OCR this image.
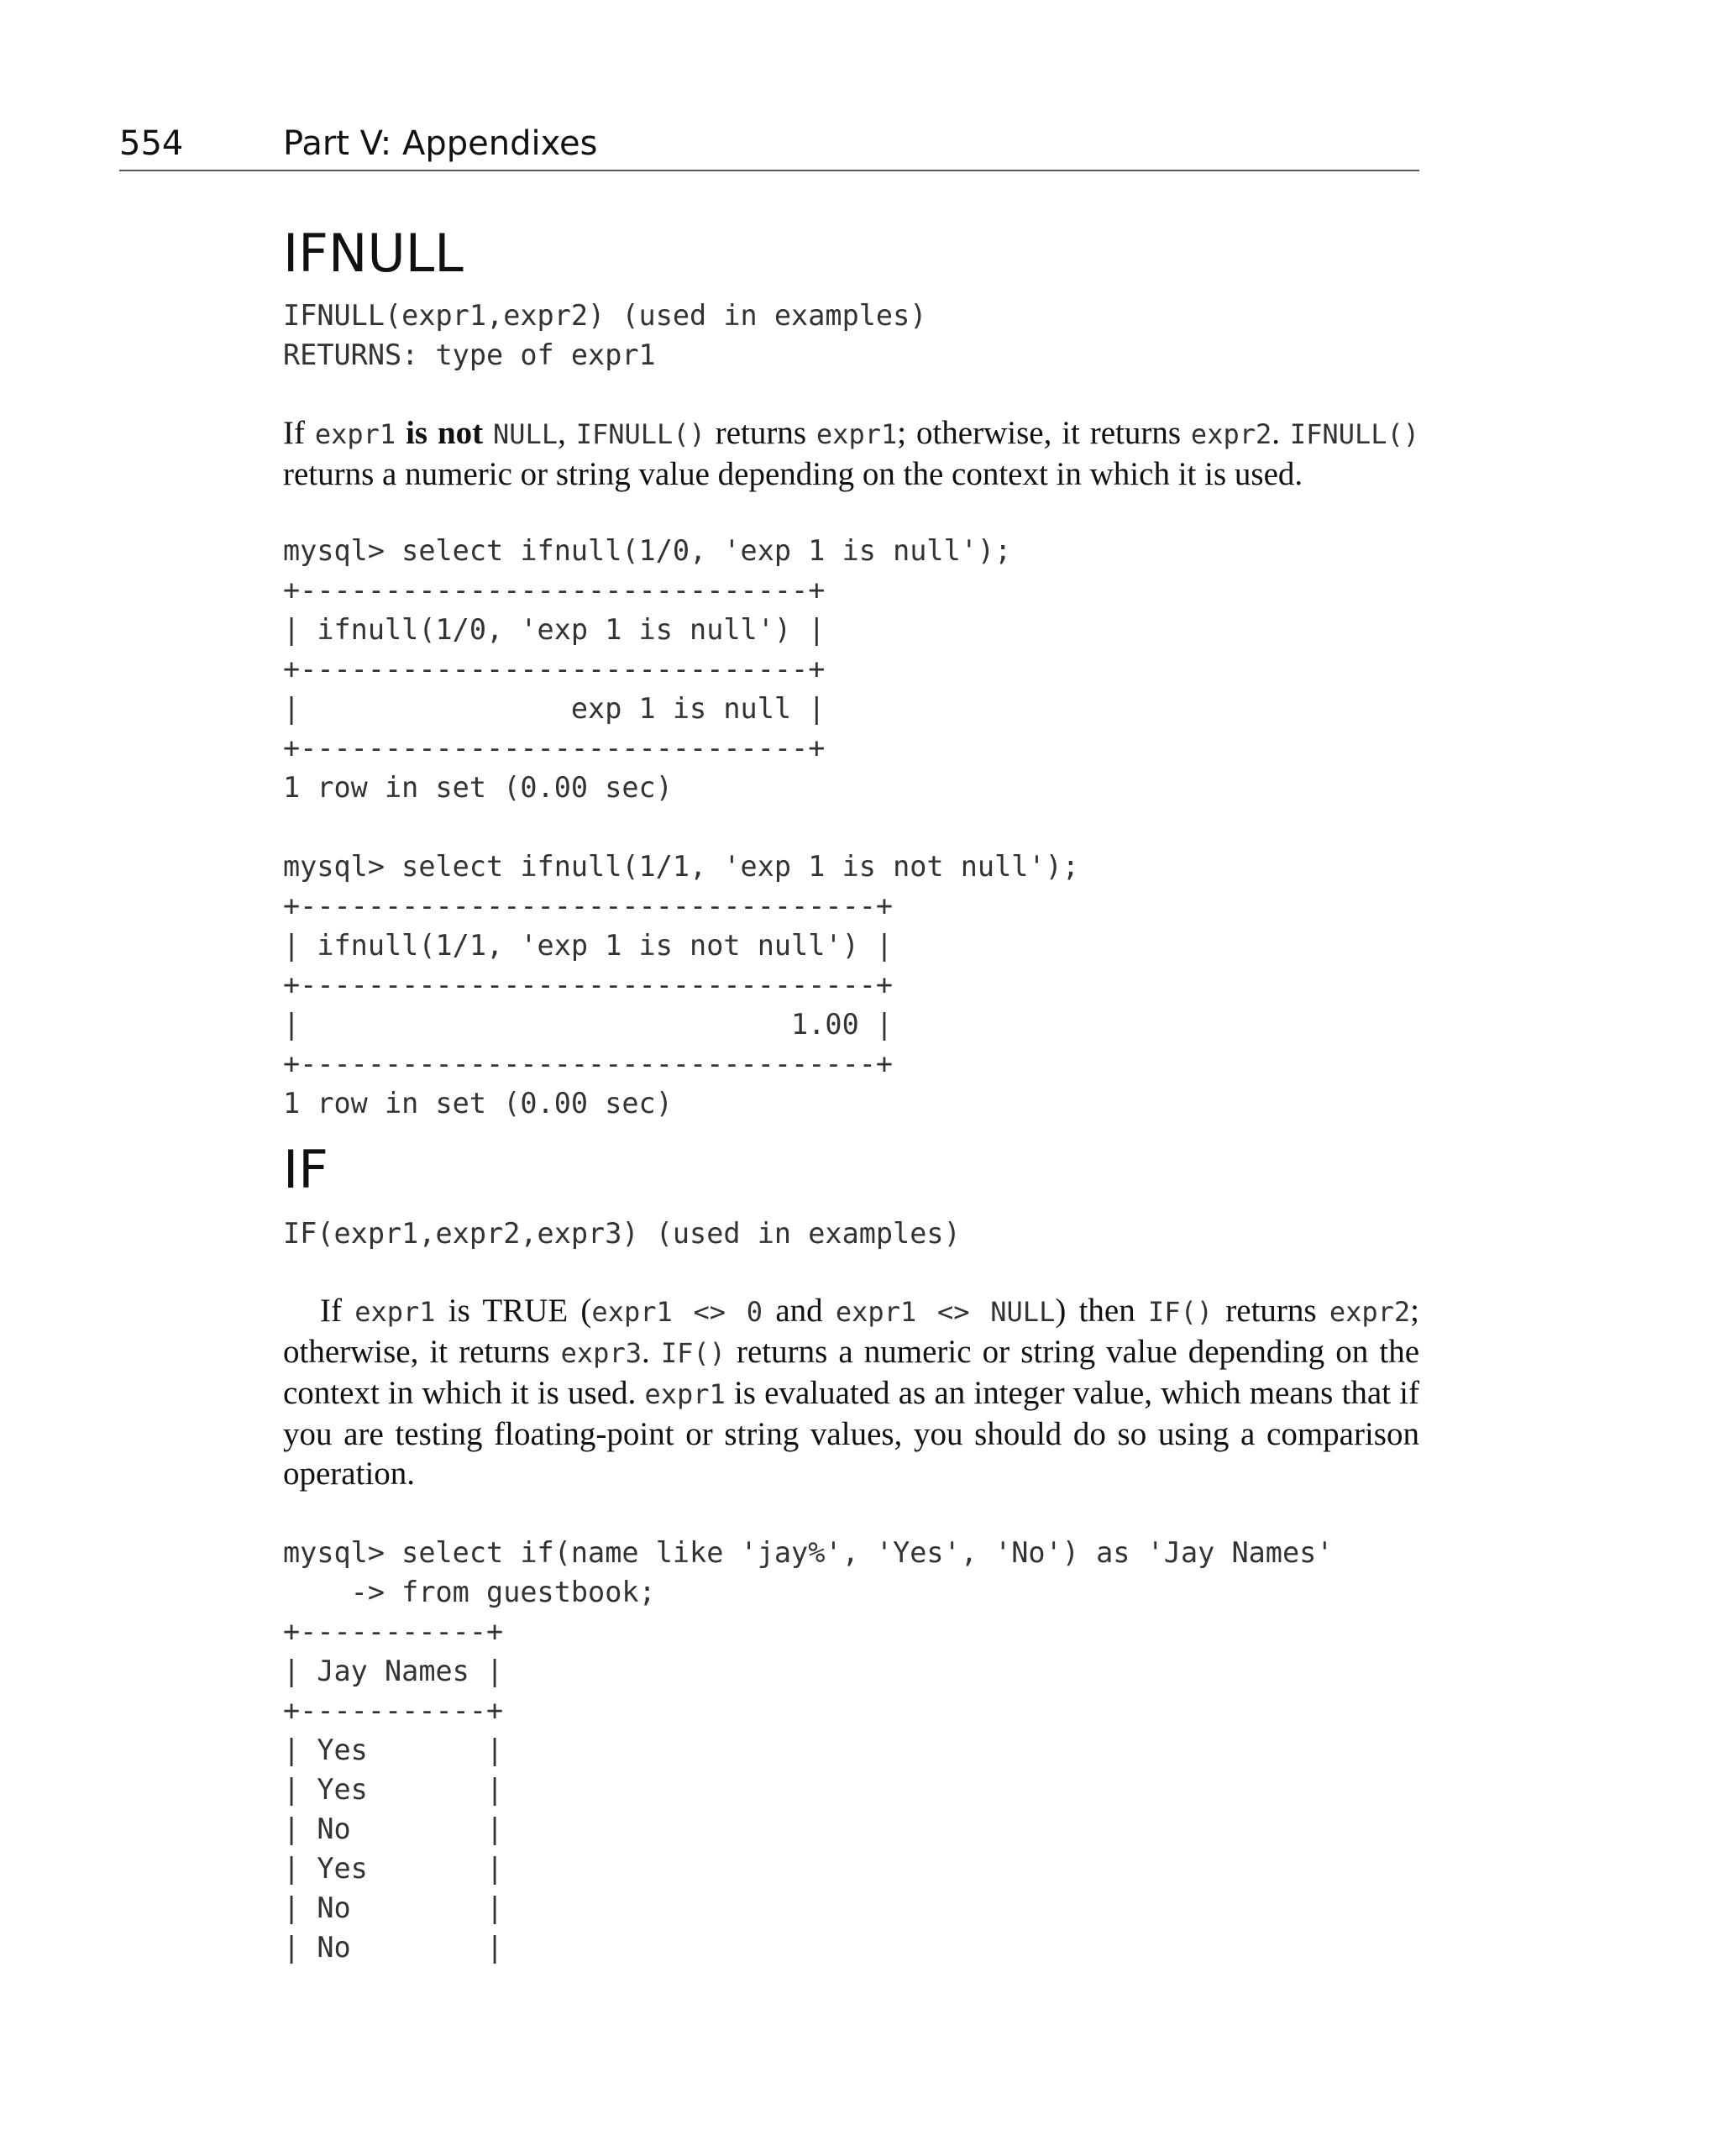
554	Part V: Appendixes
IFNULL
IFNULL(expr1,expr2) (used in examples)
RETURNS: type of expr1

If expr1 is not NULL, IFNULL() returns expr1; otherwise, it returns expr2. IFNULL() returns a numeric or string value depending on the context in which it is used.

mysql> select ifnull(1/0, 'exp 1 is null');
+------------------------------+
| ifnull(1/0, 'exp 1 is null') |
+------------------------------+
|                exp 1 is null |
+------------------------------+
1 row in set (0.00 sec)
mysql> select ifnull(1/1, 'exp 1 is not null');
+----------------------------------+
| ifnull(1/1, 'exp 1 is not null') |
+----------------------------------+
|                             1.00 |
+----------------------------------+
1 row in set (0.00 sec)
IF
IF(expr1,expr2,expr3) (used in examples)

If expr1 is TRUE (expr1 <> 0 and expr1 <> NULL) then IF() returns expr2; otherwise, it returns expr3. IF() returns a numeric or string value depending on the context in which it is used. expr1 is evaluated as an integer value, which means that if you are testing floating-point or string values, you should do so using a comparison operation.

mysql> select if(name like 'jay%', 'Yes', 'No') as 'Jay Names'
-> from guestbook;
+-----------+
| Jay Names |
+-----------+
| Yes       |
| Yes       |
| No        |
| Yes       |
| No        |
| No        |
